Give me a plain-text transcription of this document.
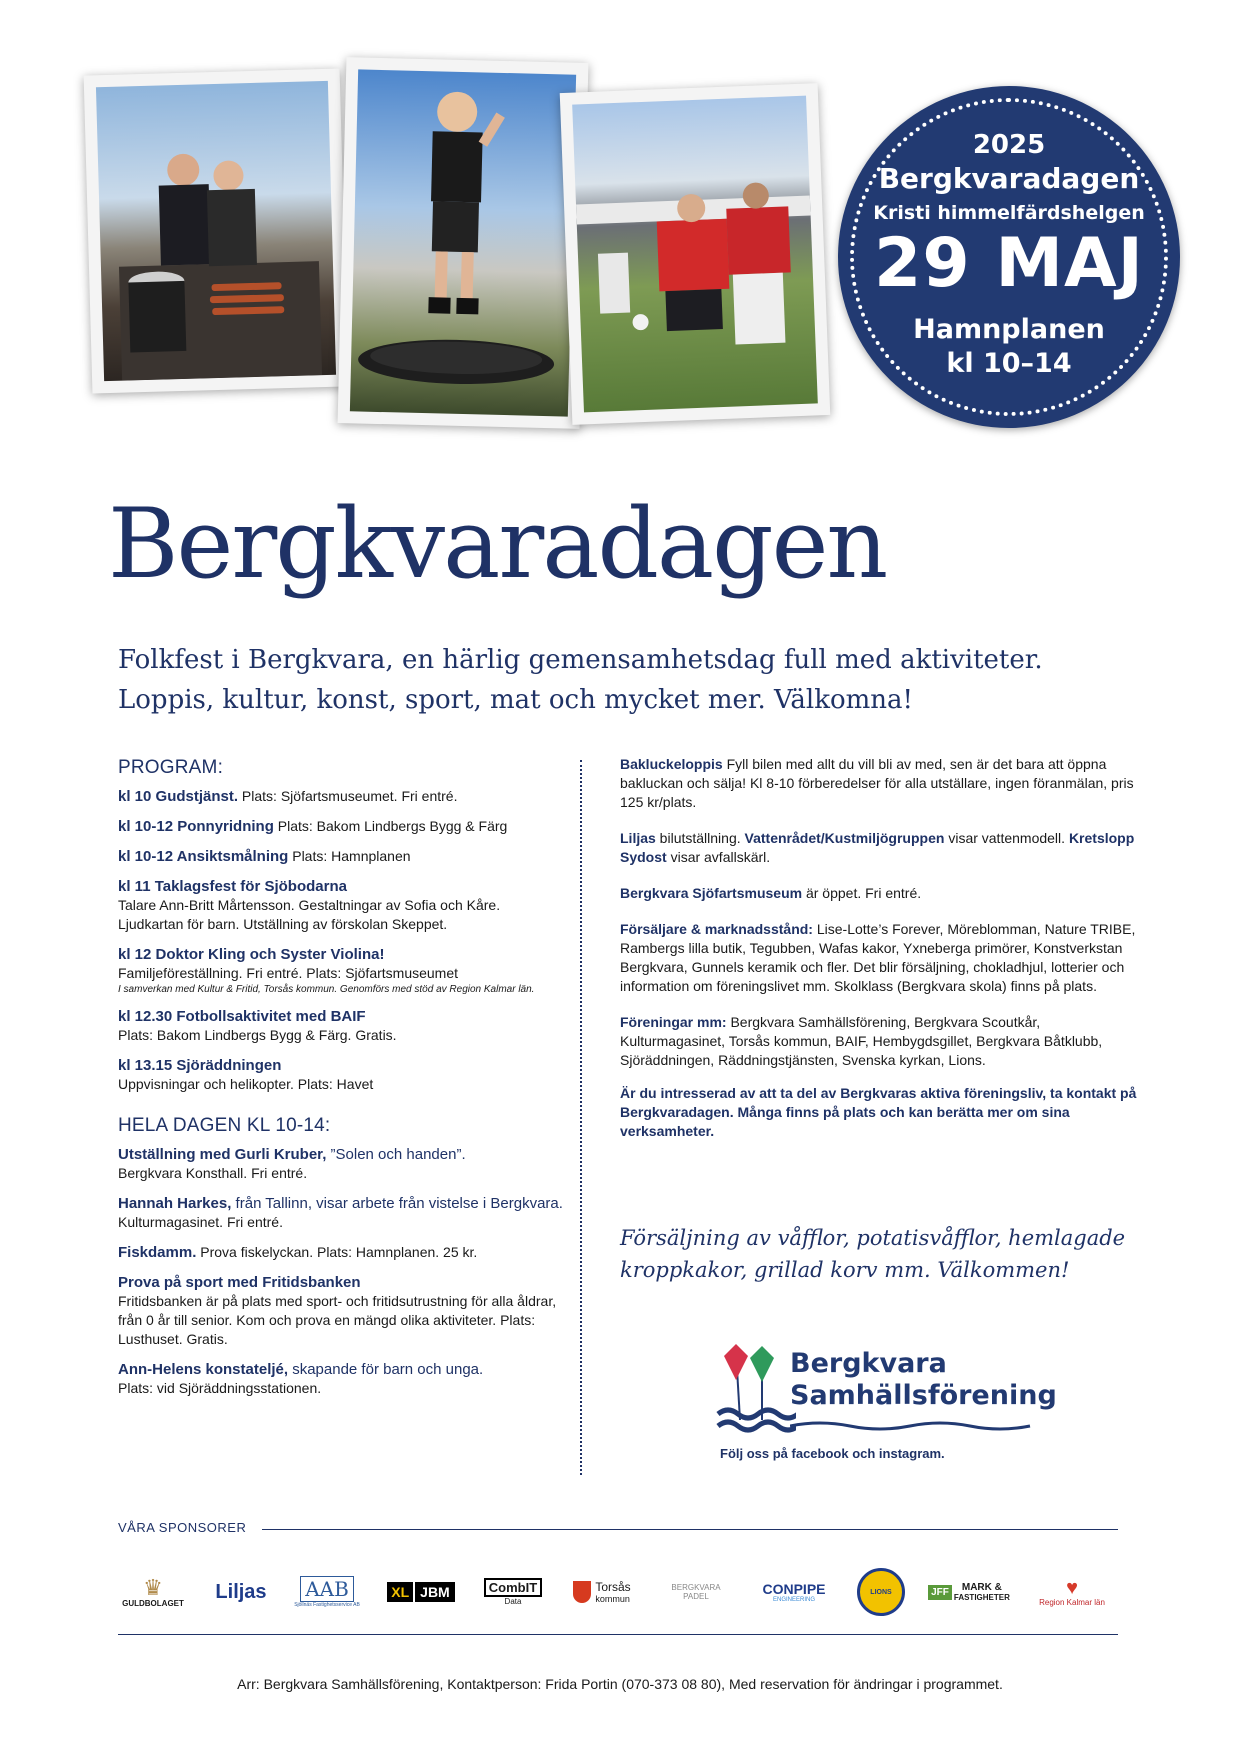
2025
Bergkvaradagen
Kristi himmelfärdshelgen
29 MAJ
Hamnplanen
kl 10–14
Bergkvaradagen
Folkfest i Bergkvara, en härlig gemensamhetsdag full med aktiviteter.
Loppis, kultur, konst, sport, mat och mycket mer. Välkomna!
PROGRAM:
kl 10 Gudstjänst. Plats: Sjöfartsmuseumet. Fri entré.
kl 10-12 Ponnyridning Plats: Bakom Lindbergs Bygg & Färg
kl 10-12 Ansiktsmålning Plats: Hamnplanen
kl 11 Taklagsfest för Sjöbodarna
Talare Ann-Britt Mårtensson. Gestaltningar av Sofia och Kåre. Ljudkartan för barn. Utställning av förskolan Skeppet.
kl 12 Doktor Kling och Syster Violina!
Familjeföreställning. Fri entré. Plats: Sjöfartsmuseumet
I samverkan med Kultur & Fritid, Torsås kommun. Genomförs med stöd av Region Kalmar län.
kl 12.30 Fotbollsaktivitet med BAIF
Plats: Bakom Lindbergs Bygg & Färg. Gratis.
kl 13.15 Sjöräddningen
Uppvisningar och helikopter. Plats: Havet
HELA DAGEN KL 10-14:
Utställning med Gurli Kruber, ”Solen och handen”.
Bergkvara Konsthall. Fri entré.
Hannah Harkes, från Tallinn, visar arbete från vistelse i Bergkvara. Kulturmagasinet. Fri entré.
Fiskdamm. Prova fiskelyckan. Plats: Hamnplanen. 25 kr.
Prova på sport med Fritidsbanken
Fritidsbanken är på plats med sport- och fritidsutrustning för alla åldrar, från 0 år till senior. Kom och prova en mängd olika aktiviteter. Plats: Lusthuset. Gratis.
Ann-Helens konstateljé, skapande för barn och unga.
Plats: vid Sjöräddningsstationen.
Bakluckeloppis Fyll bilen med allt du vill bli av med, sen är det bara att öppna bakluckan och sälja! Kl 8-10 förberedelser för alla utställare, ingen föranmälan, pris 125 kr/plats.
Liljas bilutställning. Vattenrådet/Kustmiljögruppen visar vattenmodell. Kretslopp Sydost visar avfallskärl.
Bergkvara Sjöfartsmuseum är öppet. Fri entré.
Försäljare & marknadsstånd: Lise-Lotte’s Forever, Möreblomman, Nature TRIBE, Rambergs lilla butik, Tegubben, Wafas kakor, Yxneberga primörer, Konstverkstan Bergkvara, Gunnels keramik och fler. Det blir försäljning, chokladhjul, lotterier och information om föreningslivet mm. Skolklass (Bergkvara skola) finns på plats.
Föreningar mm: Bergkvara Samhällsförening, Bergkvara Scoutkår, Kulturmagasinet, Torsås kommun, BAIF, Hembygdsgillet, Bergkvara Båtklubb, Sjöräddningen, Räddningstjänsten, Svenska kyrkan, Lions.
Är du intresserad av att ta del av Bergkvaras aktiva föreningsliv, ta kontakt på Bergkvaradagen. Många finns på plats och kan berätta mer om sina verksamheter.
Försäljning av våfflor, potatisvåfflor, hemlagade kroppkakor, grillad korv mm. Välkommen!
Bergkvara
Samhällsförening
Följ oss på facebook och instagram.
VÅRA SPONSORER
♛
GULDBOLAGET
Liljas AAB
Sjöllnäs Fastighetsservice AB
XL JBM	CombIT
Data
Torsås
kommun
BERGKVARA
PADEL	CONPIPE
ENGINEERING
LIONS	JFF	MARK &
FASTIGHETER	♥
Region Kalmar län
Arr: Bergkvara Samhällsförening, Kontaktperson: Frida Portin (070-373 08 80), Med reservation för ändringar i programmet.
